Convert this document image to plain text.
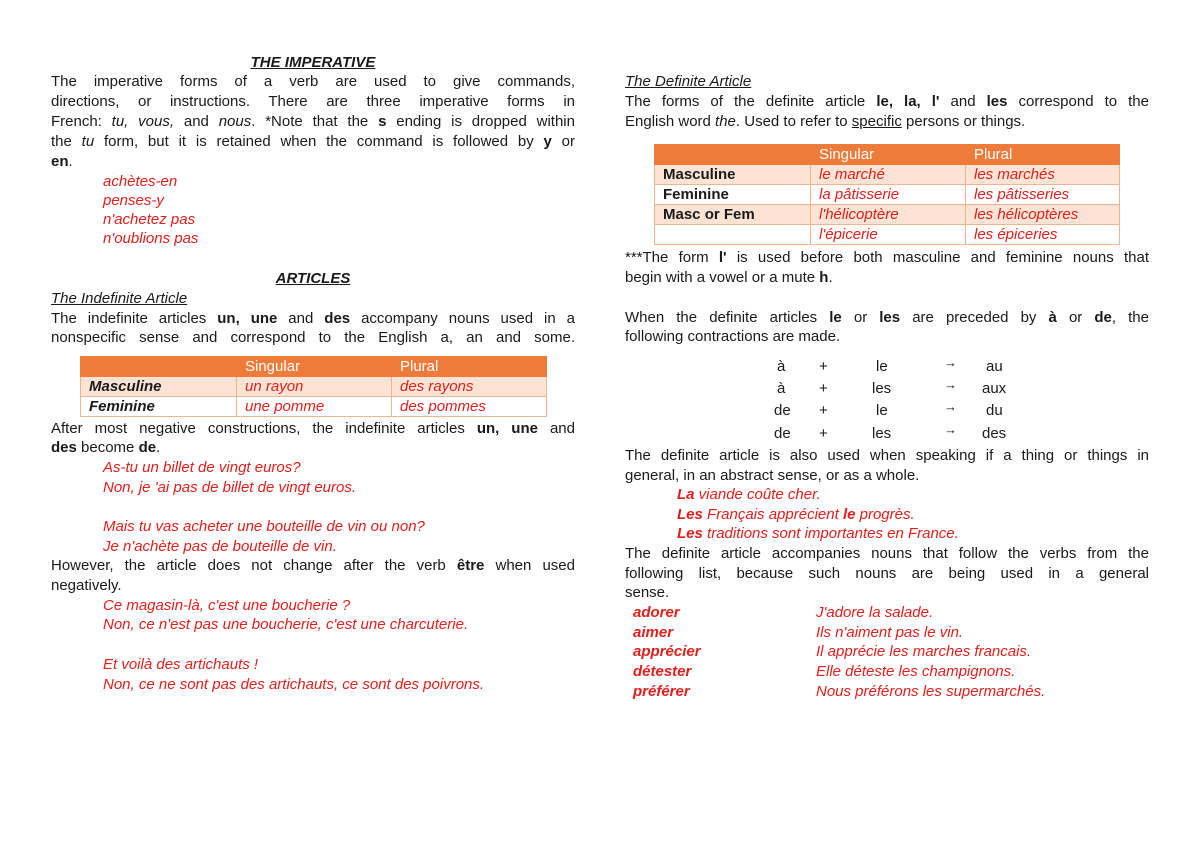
THE IMPERATIVE
The imperative forms of a verb are used to give commands,
directions, or instructions. There are three imperative forms in
French: tu, vous, and nous. *Note that the s ending is dropped within
the tu form, but it is retained when the command is followed by y or
en.
achètes-en
penses-y
n'achetez pas
n'oublions pas
ARTICLES
The Indefinite Article
The indefinite articles un, une and des accompany nouns used in a
nonspecific sense and correspond to the English a, an and some.
	Singular	Plural
Masculine	un rayon	des rayons
Feminine	une pomme	des pommes
After most negative constructions, the indefinite articles un, une and
des become de.
As-tu un billet de vingt euros?
Non, je 'ai pas de billet de vingt euros.
Mais tu vas acheter une bouteille de vin ou non?
Je n'achète pas de bouteille de vin.
However, the article does not change after the verb être when used
negatively.
Ce magasin-là, c'est une boucherie ?
Non, ce n'est pas une boucherie, c'est une charcuterie.
Et voilà des artichauts !
Non, ce ne sont pas des artichauts, ce sont des poivrons.
The Definite Article
The forms of the definite article le, la, l' and les correspond to the
English word the. Used to refer to specific persons or things.
	Singular	Plural
Masculine	le marché	les marchés
Feminine	la pâtisserie	les pâtisseries
Masc or Fem	l'hélicoptère	les hélicoptères
	l'épicerie	les épiceries
***The form l' is used before both masculine and feminine nouns that
begin with a vowel or a mute h.
When the definite articles le or les are preceded by à or de, the
following contractions are made.
à +	le	→ au
à +	les	→ aux
de +	le	→ du
de +	les	→ des
The definite article is also used when speaking if a thing or things in
general, in an abstract sense, or as a whole.
La viande coûte cher.
Les Français apprécient le progrès.
Les traditions sont importantes en France.
The definite article accompanies nouns that follow the verbs from the
following list, because such nouns are being used in a general
sense.
adorer	J'adore la salade.
aimer	Ils n'aiment pas le vin.
apprécier	Il apprécie les marches francais.
détester	Elle déteste les champignons.
préférer	Nous préférons les supermarchés.
